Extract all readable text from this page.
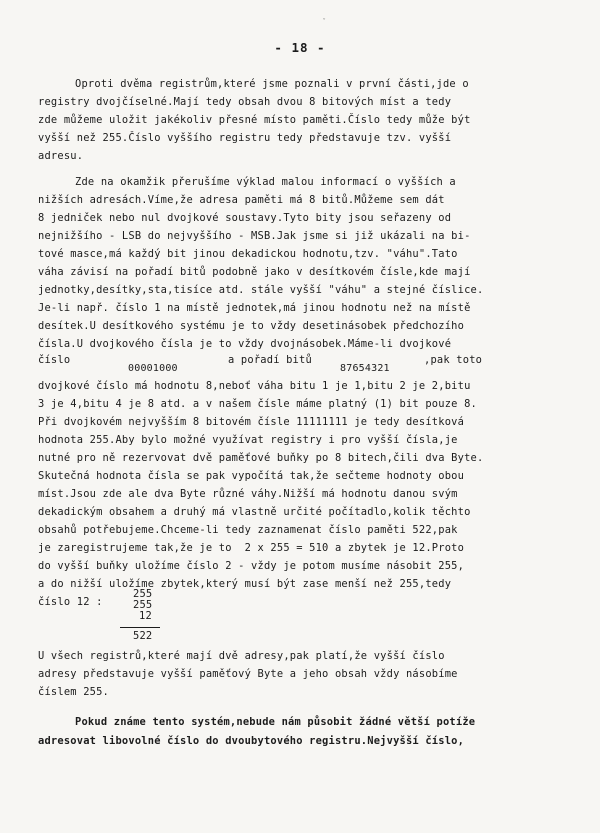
ˇ
- 18 -
Oproti dvěma registrům,které jsme poznali v první části,jde o
registry dvojčíselné.Mají tedy obsah dvou 8 bitových míst a tedy
zde můžeme uložit jakékoliv přesné místo paměti.Číslo tedy může být
vyšší než 255.Číslo vyššího registru tedy představuje tzv. vyšší
adresu.
Zde na okamžik přerušíme výklad malou informací o vyšších a
nižších adresách.Víme,že adresa paměti má 8 bitů.Můžeme sem dát
8 jedniček nebo nul dvojkové soustavy.Tyto bity jsou seřazeny od
nejnižšího - LSB do nejvyššího - MSB.Jak jsme si již ukázali na bi-
tové masce,má každý bit jinou dekadickou hodnotu,tzv. "váhu".Tato
váha závisí na pořadí bitů podobně jako v desítkovém čísle,kde mají
jednotky,desítky,sta,tisíce atd. stále vyšší "váhu" a stejné číslice.
Je-li např. číslo 1 na místě jednotek,má jinou hodnotu než na místě
desítek.U desítkového systému je to vždy desetinásobek předchozího
čísla.U dvojkového čísla je to vždy dvojnásobek.Máme-li dvojkové
číslo
00001000
a pořadí bitů
87654321
,pak toto
dvojkové číslo má hodnotu 8,neboť váha bitu 1 je 1,bitu 2 je 2,bitu
3 je 4,bitu 4 je 8 atd. a v našem čísle máme platný (1) bit pouze 8.
Při dvojkovém nejvyšším 8 bitovém čísle 11111111 je tedy desítková
hodnota 255.Aby bylo možné využívat registry i pro vyšší čísla,je
nutné pro ně rezervovat dvě paměťové buňky po 8 bitech,čili dva Byte.
Skutečná hodnota čísla se pak vypočítá tak,že sečteme hodnoty obou
míst.Jsou zde ale dva Byte různé váhy.Nižší má hodnotu danou svým
dekadickým obsahem a druhý má vlastně určité počítadlo,kolik těchto
obsahů potřebujeme.Chceme-li tedy zaznamenat číslo paměti 522,pak
je zaregistrujeme tak,že je to  2 x 255 = 510 a zbytek je 12.Proto
do vyšší buňky uložíme číslo 2 - vždy je potom musíme násobit 255,
a do nižší uložíme zbytek,který musí být zase menší než 255,tedy
číslo 12 :
255
255
12
522
U všech registrů,které mají dvě adresy,pak platí,že vyšší číslo
adresy představuje vyšší paměťový Byte a jeho obsah vždy násobíme
číslem 255.
Pokud známe tento systém,nebude nám působit žádné větší potíže
adresovat libovolné číslo do dvoubytového registru.Nejvyšší číslo,
